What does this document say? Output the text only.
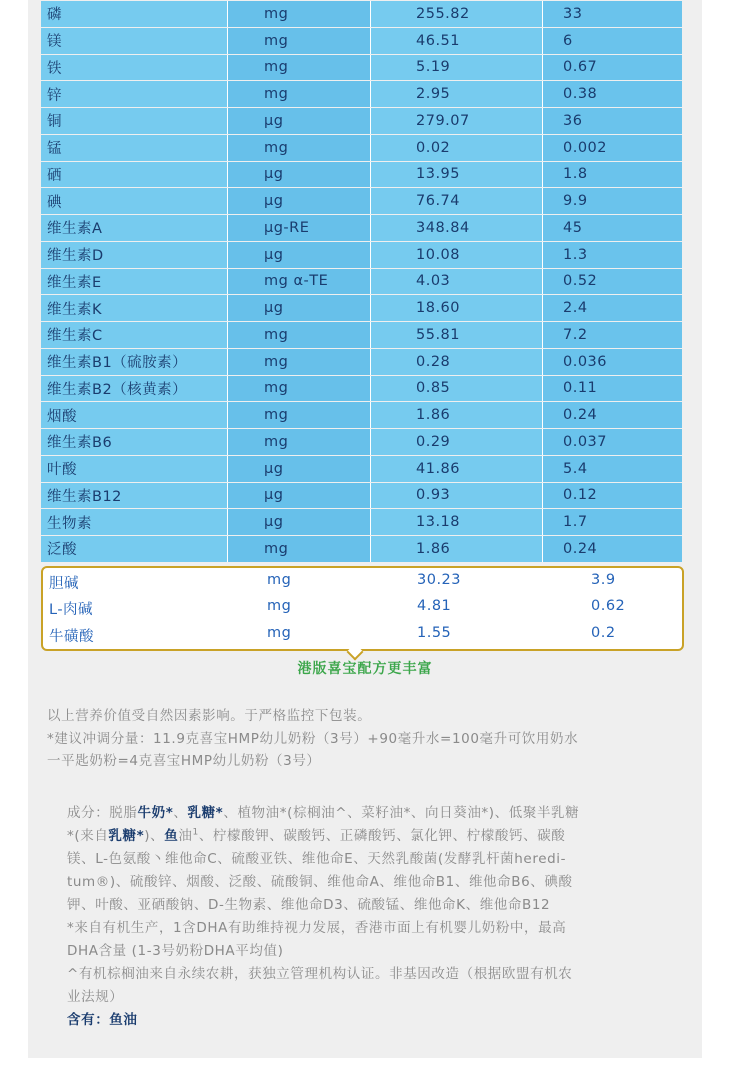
磷	mg	255.82	33
镁	mg	46.51	6
铁	mg	5.19	0.67
锌	mg	2.95	0.38
铜	μg	279.07	36
锰	mg	0.02	0.002
硒	μg	13.95	1.8
碘	μg	76.74	9.9
维生素A	μg-RE	348.84	45
维生素D	μg	10.08	1.3
维生素E	mg α-TE	4.03	0.52
维生素K	μg	18.60	2.4
维生素C	mg	55.81	7.2
维生素B1（硫胺素）	mg	0.28	0.036
维生素B2（核黄素）	mg	0.85	0.11
烟酸	mg	1.86	0.24
维生素B6	mg	0.29	0.037
叶酸	μg	41.86	5.4
维生素B12	μg	0.93	0.12
生物素	μg	13.18	1.7
泛酸	mg	1.86	0.24
胆碱	mg	30.23	3.9
L-肉碱	mg	4.81	0.62
牛磺酸	mg	1.55	0.2
港版喜宝配方更丰富
以上营养价值受自然因素影响。于严格监控下包装。
*建议冲调分量：11.9克喜宝HMP幼儿奶粉（3号）+90毫升水=100毫升可饮用奶水
一平匙奶粉=4克喜宝HMP幼儿奶粉（3号）
成分：脱脂牛奶*、乳糖*、植物油*(棕榈油^、菜籽油*、向日葵油*)、低聚半乳糖
*(来自乳糖*)、鱼油$^1$、柠檬酸钾、碳酸钙、正磷酸钙、氯化钾、柠檬酸钙、碳酸
镁、L-色氨酸丶维他命C、硫酸亚铁、维他命E、天然乳酸菌(发酵乳杆菌heredi-
tum®)、硫酸锌、烟酸、泛酸、硫酸铜、维他命A、维他命B1、维他命B6、碘酸
钾、叶酸、亚硒酸钠、D-生物素、维他命D3、硫酸锰、维他命K、维他命B12
*来自有机生产，1含DHA有助维持视力发展，香港市面上有机婴儿奶粉中，最高
DHA含量 (1-3号奶粉DHA平均值)
^有机棕榈油来自永续农耕，获独立管理机构认证。非基因改造（根据欧盟有机农
业法规）
含有：鱼油
